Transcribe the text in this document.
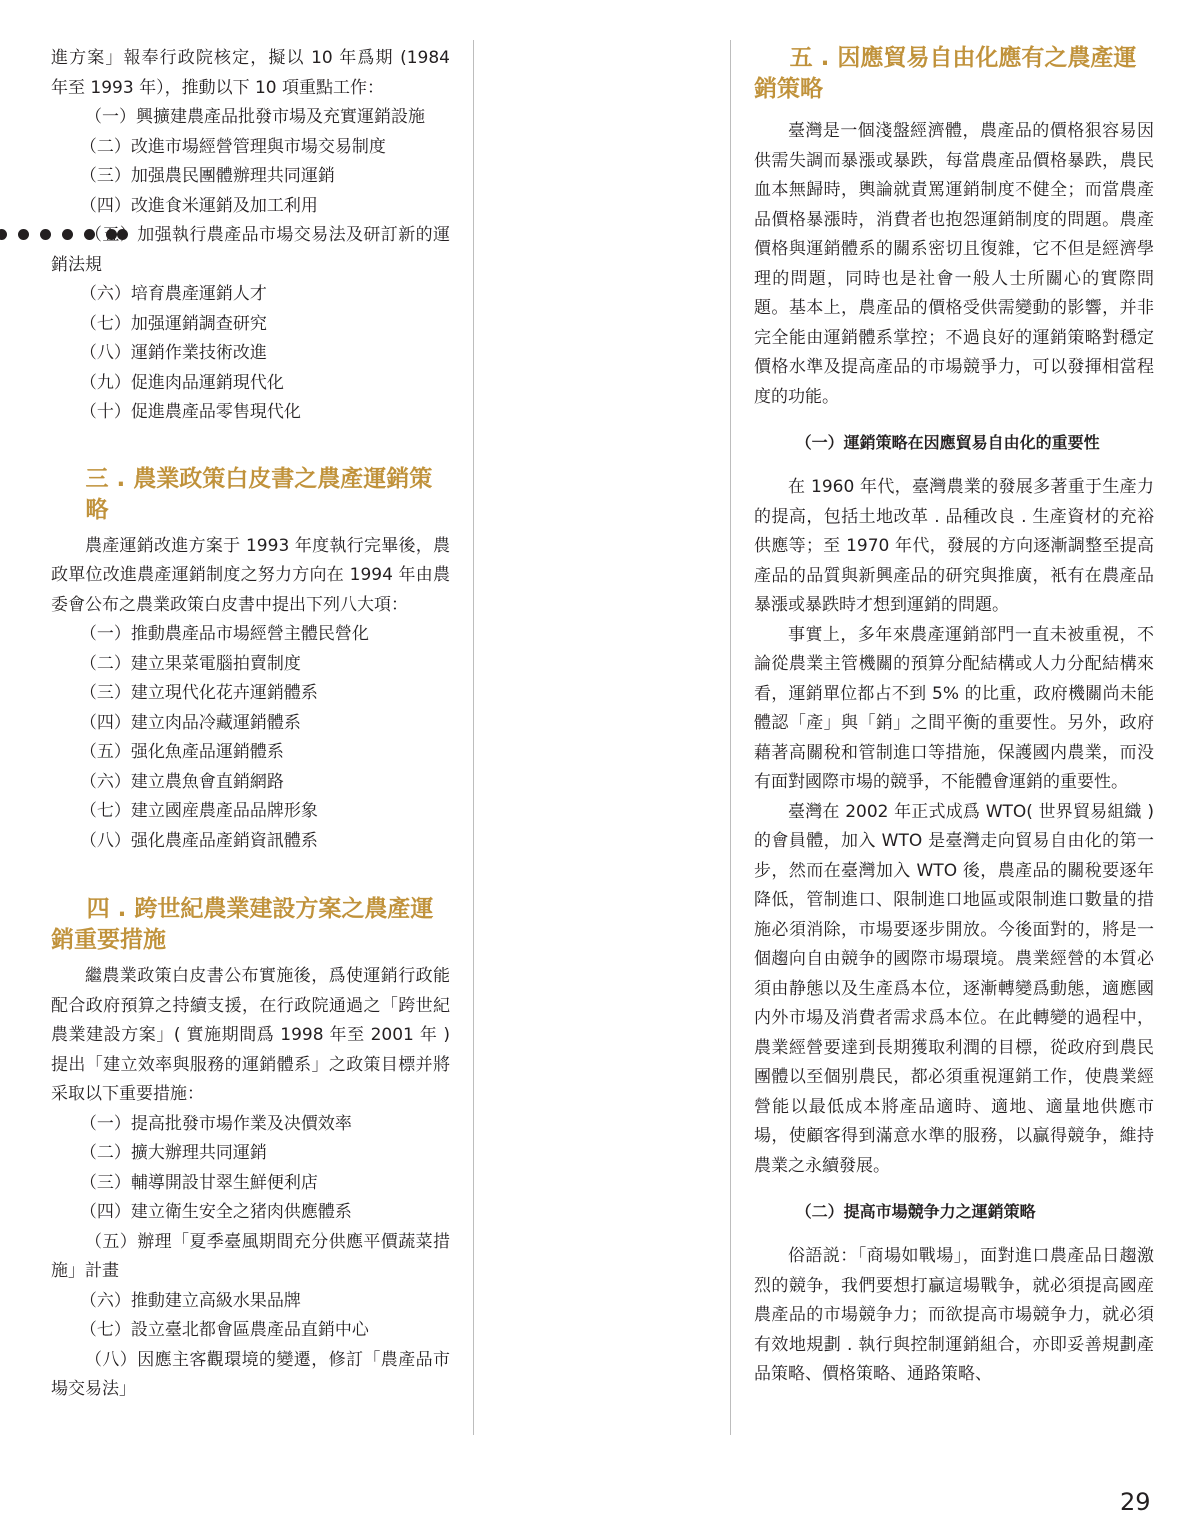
進方案」報奉行政院核定，擬以 10 年爲期 (1984 年至 1993 年），推動以下 10 項重點工作：

（一）興擴建農產品批發市場及充實運銷設施

（二）改進市場經營管理與市場交易制度

（三）加强農民團體辦理共同運銷

（四）改進食米運銷及加工利用

（五）加强執行農產品市場交易法及研訂新的運銷法規

（六）培育農產運銷人才

（七）加强運銷調查研究

（八）運銷作業技術改進

（九）促進肉品運銷現代化

（十）促進農產品零售現代化

三 . 農業政策白皮書之農產運銷策略

農產運銷改進方案于 1993 年度執行完畢後，農政單位改進農產運銷制度之努力方向在 1994 年由農委會公布之農業政策白皮書中提出下列八大項：

（一）推動農產品市場經營主體民營化

（二）建立果菜電腦拍賣制度

（三）建立現代化花卉運銷體系

（四）建立肉品冷藏運銷體系

（五）强化魚產品運銷體系

（六）建立農魚會直銷網路

（七）建立國産農產品品牌形象

（八）强化農產品產銷資訊體系

四 . 跨世紀農業建設方案之農產運銷重要措施

繼農業政策白皮書公布實施後，爲使運銷行政能配合政府預算之持續支援，在行政院通過之「跨世紀農業建設方案」( 實施期間爲 1998 年至 2001 年 ) 提出「建立效率與服務的運銷體系」之政策目標并將采取以下重要措施：

（一）提高批發市場作業及决價效率

（二）擴大辦理共同運銷

（三）輔導開設甘翠生鮮便利店

（四）建立衛生安全之猪肉供應體系

（五）辦理「夏季臺風期間充分供應平價蔬菜措施」計畫

（六）推動建立高級水果品牌

（七）設立臺北都會區農產品直銷中心

（八）因應主客觀環境的變遷，修訂「農產品市場交易法」

五 . 因應貿易自由化應有之農產運銷策略

臺灣是一個淺盤經濟體，農產品的價格狠容易因供需失調而暴漲或暴跌，每當農產品價格暴跌，農民血本無歸時，輿論就責罵運銷制度不健全；而當農產品價格暴漲時，消費者也抱怨運銷制度的問題。農產價格與運銷體系的關系密切且復雜，它不但是經濟學理的問題，同時也是社會一般人士所關心的實際問題。基本上，農產品的價格受供需變動的影響，并非完全能由運銷體系掌控；不過良好的運銷策略對穩定價格水準及提高產品的市場競爭力，可以發揮相當程度的功能。

（一）運銷策略在因應貿易自由化的重要性

在 1960 年代，臺灣農業的發展多著重于生產力的提高，包括土地改革 . 品種改良 . 生產資材的充裕供應等；至 1970 年代，發展的方向逐漸調整至提高產品的品質與新興產品的研究與推廣，衹有在農產品暴漲或暴跌時才想到運銷的問題。

事實上，多年來農產運銷部門一直未被重視，不論從農業主管機關的預算分配結構或人力分配結構來看，運銷單位都占不到 5% 的比重，政府機關尚未能體認「產」與「銷」之間平衡的重要性。另外，政府藉著高關稅和管制進口等措施，保護國内農業，而没有面對國際市場的競爭，不能體會運銷的重要性。

臺灣在 2002 年正式成爲 WTO( 世界貿易組織 ) 的會員體，加入 WTO 是臺灣走向貿易自由化的第一步，然而在臺灣加入 WTO 後，農產品的關稅要逐年降低，管制進口、限制進口地區或限制進口數量的措施必須消除，市場要逐步開放。今後面對的，將是一個趨向自由競争的國際市場環境。農業經營的本質必須由静態以及生產爲本位，逐漸轉變爲動態，適應國内外市場及消費者需求爲本位。在此轉變的過程中，農業經營要達到長期獲取利潤的目標，從政府到農民團體以至個别農民，都必須重視運銷工作，使農業經營能以最低成本將產品適時、適地、適量地供應市場，使顧客得到滿意水準的服務，以贏得競争，維持農業之永續發展。

（二）提高市場競争力之運銷策略

俗語説：「商場如戰場」，面對進口農產品日趨激烈的競争，我們要想打贏這場戰争，就必須提高國産農產品的市場競争力；而欲提高市場競争力，就必須有效地規劃 . 執行與控制運銷組合，亦即妥善規劃產品策略、價格策略、通路策略、

29
